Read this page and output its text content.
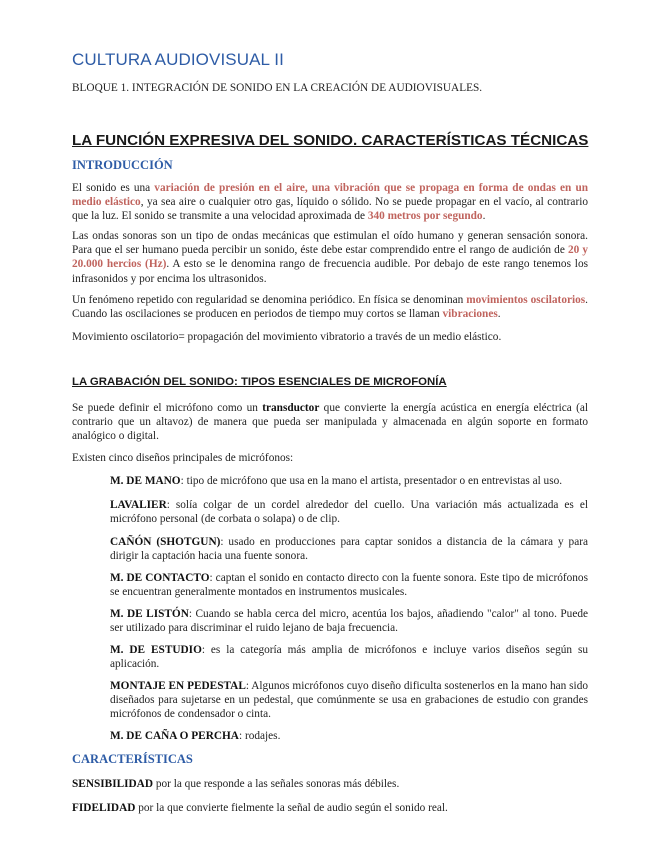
CULTURA AUDIOVISUAL II
BLOQUE 1. INTEGRACIÓN DE SONIDO EN LA CREACIÓN DE AUDIOVISUALES.
LA FUNCIÓN EXPRESIVA DEL SONIDO. CARACTERÍSTICAS TÉCNICAS
INTRODUCCIÓN

El sonido es una variación de presión en el aire, una vibración que se propaga en forma de ondas en un medio elástico, ya sea aire o cualquier otro gas, líquido o sólido. No se puede propagar en el vacío, al contrario que la luz. El sonido se transmite a una velocidad aproximada de 340 metros por segundo.

Las ondas sonoras son un tipo de ondas mecánicas que estimulan el oído humano y generan sensación sonora. Para que el ser humano pueda percibir un sonido, éste debe estar comprendido entre el rango de audición de 20 y 20.000 hercios (Hz). A esto se le denomina rango de frecuencia audible. Por debajo de este rango tenemos los infrasonidos y por encima los ultrasonidos.

Un fenómeno repetido con regularidad se denomina periódico. En física se denominan movimientos oscilatorios. Cuando las oscilaciones se producen en periodos de tiempo muy cortos se llaman vibraciones.

Movimiento oscilatorio= propagación del movimiento vibratorio a través de un medio elástico.

LA GRABACIÓN DEL SONIDO: TIPOS ESENCIALES DE MICROFONÍA

Se puede definir el micrófono como un transductor que convierte la energía acústica en energía eléctrica (al contrario que un altavoz) de manera que pueda ser manipulada y almacenada en algún soporte en formato analógico o digital.

Existen cinco diseños principales de micrófonos:

M. DE MANO: tipo de micrófono que usa en la mano el artista, presentador o en entrevistas al uso.

LAVALIER: solía colgar de un cordel alrededor del cuello. Una variación más actualizada es el micrófono personal (de corbata o solapa) o de clip.

CAÑÓN (SHOTGUN): usado en producciones para captar sonidos a distancia de la cámara y para dirigir la captación hacia una fuente sonora.

M. DE CONTACTO: captan el sonido en contacto directo con la fuente sonora. Este tipo de micrófonos se encuentran generalmente montados en instrumentos musicales.

M. DE LISTÓN: Cuando se habla cerca del micro, acentúa los bajos, añadiendo "calor" al tono. Puede ser utilizado para discriminar el ruido lejano de baja frecuencia.

M. DE ESTUDIO: es la categoría más amplia de micrófonos e incluye varios diseños según su aplicación.

MONTAJE EN PEDESTAL: Algunos micrófonos cuyo diseño dificulta sostenerlos en la mano han sido diseñados para sujetarse en un pedestal, que comúnmente se usa en grabaciones de estudio con grandes micrófonos de condensador o cinta.

M. DE CAÑA O PERCHA: rodajes.

CARACTERÍSTICAS

SENSIBILIDAD por la que responde a las señales sonoras más débiles.

FIDELIDAD por la que convierte fielmente la señal de audio según el sonido real.
